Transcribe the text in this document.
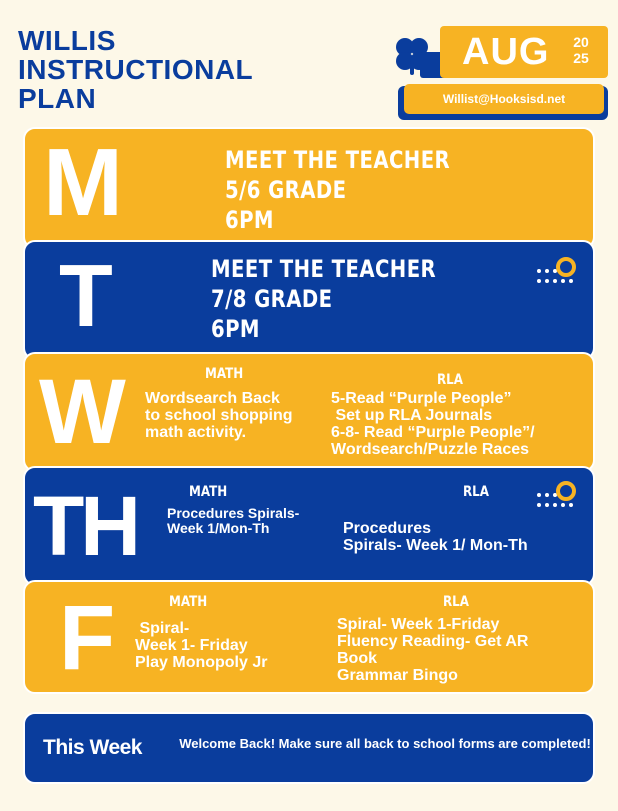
WILLIS
INSTRUCTIONAL
PLAN
AUG	20
25
Willist@Hooksisd.net
M	MEET THE TEACHER
5/6 GRADE
6PM
T	MEET THE TEACHER
7/8 GRADE
6PM
W	MATH
Wordsearch Back
to school shopping
math activity.
RLA
5-Read “Purple People”
Set up RLA Journals
6-8- Read “Purple People”/
Wordsearch/Puzzle Races
TH	MATH
Procedures Spirals-
Week 1/Mon-Th
RLA
Procedures
Spirals- Week 1/ Mon-Th
F	MATH
Spiral-
Week 1- Friday
Play Monopoly Jr
RLA
Spiral- Week 1-Friday
Fluency Reading- Get AR
Book
Grammar Bingo
This Week	Welcome Back! Make sure all back to school forms are completed!
